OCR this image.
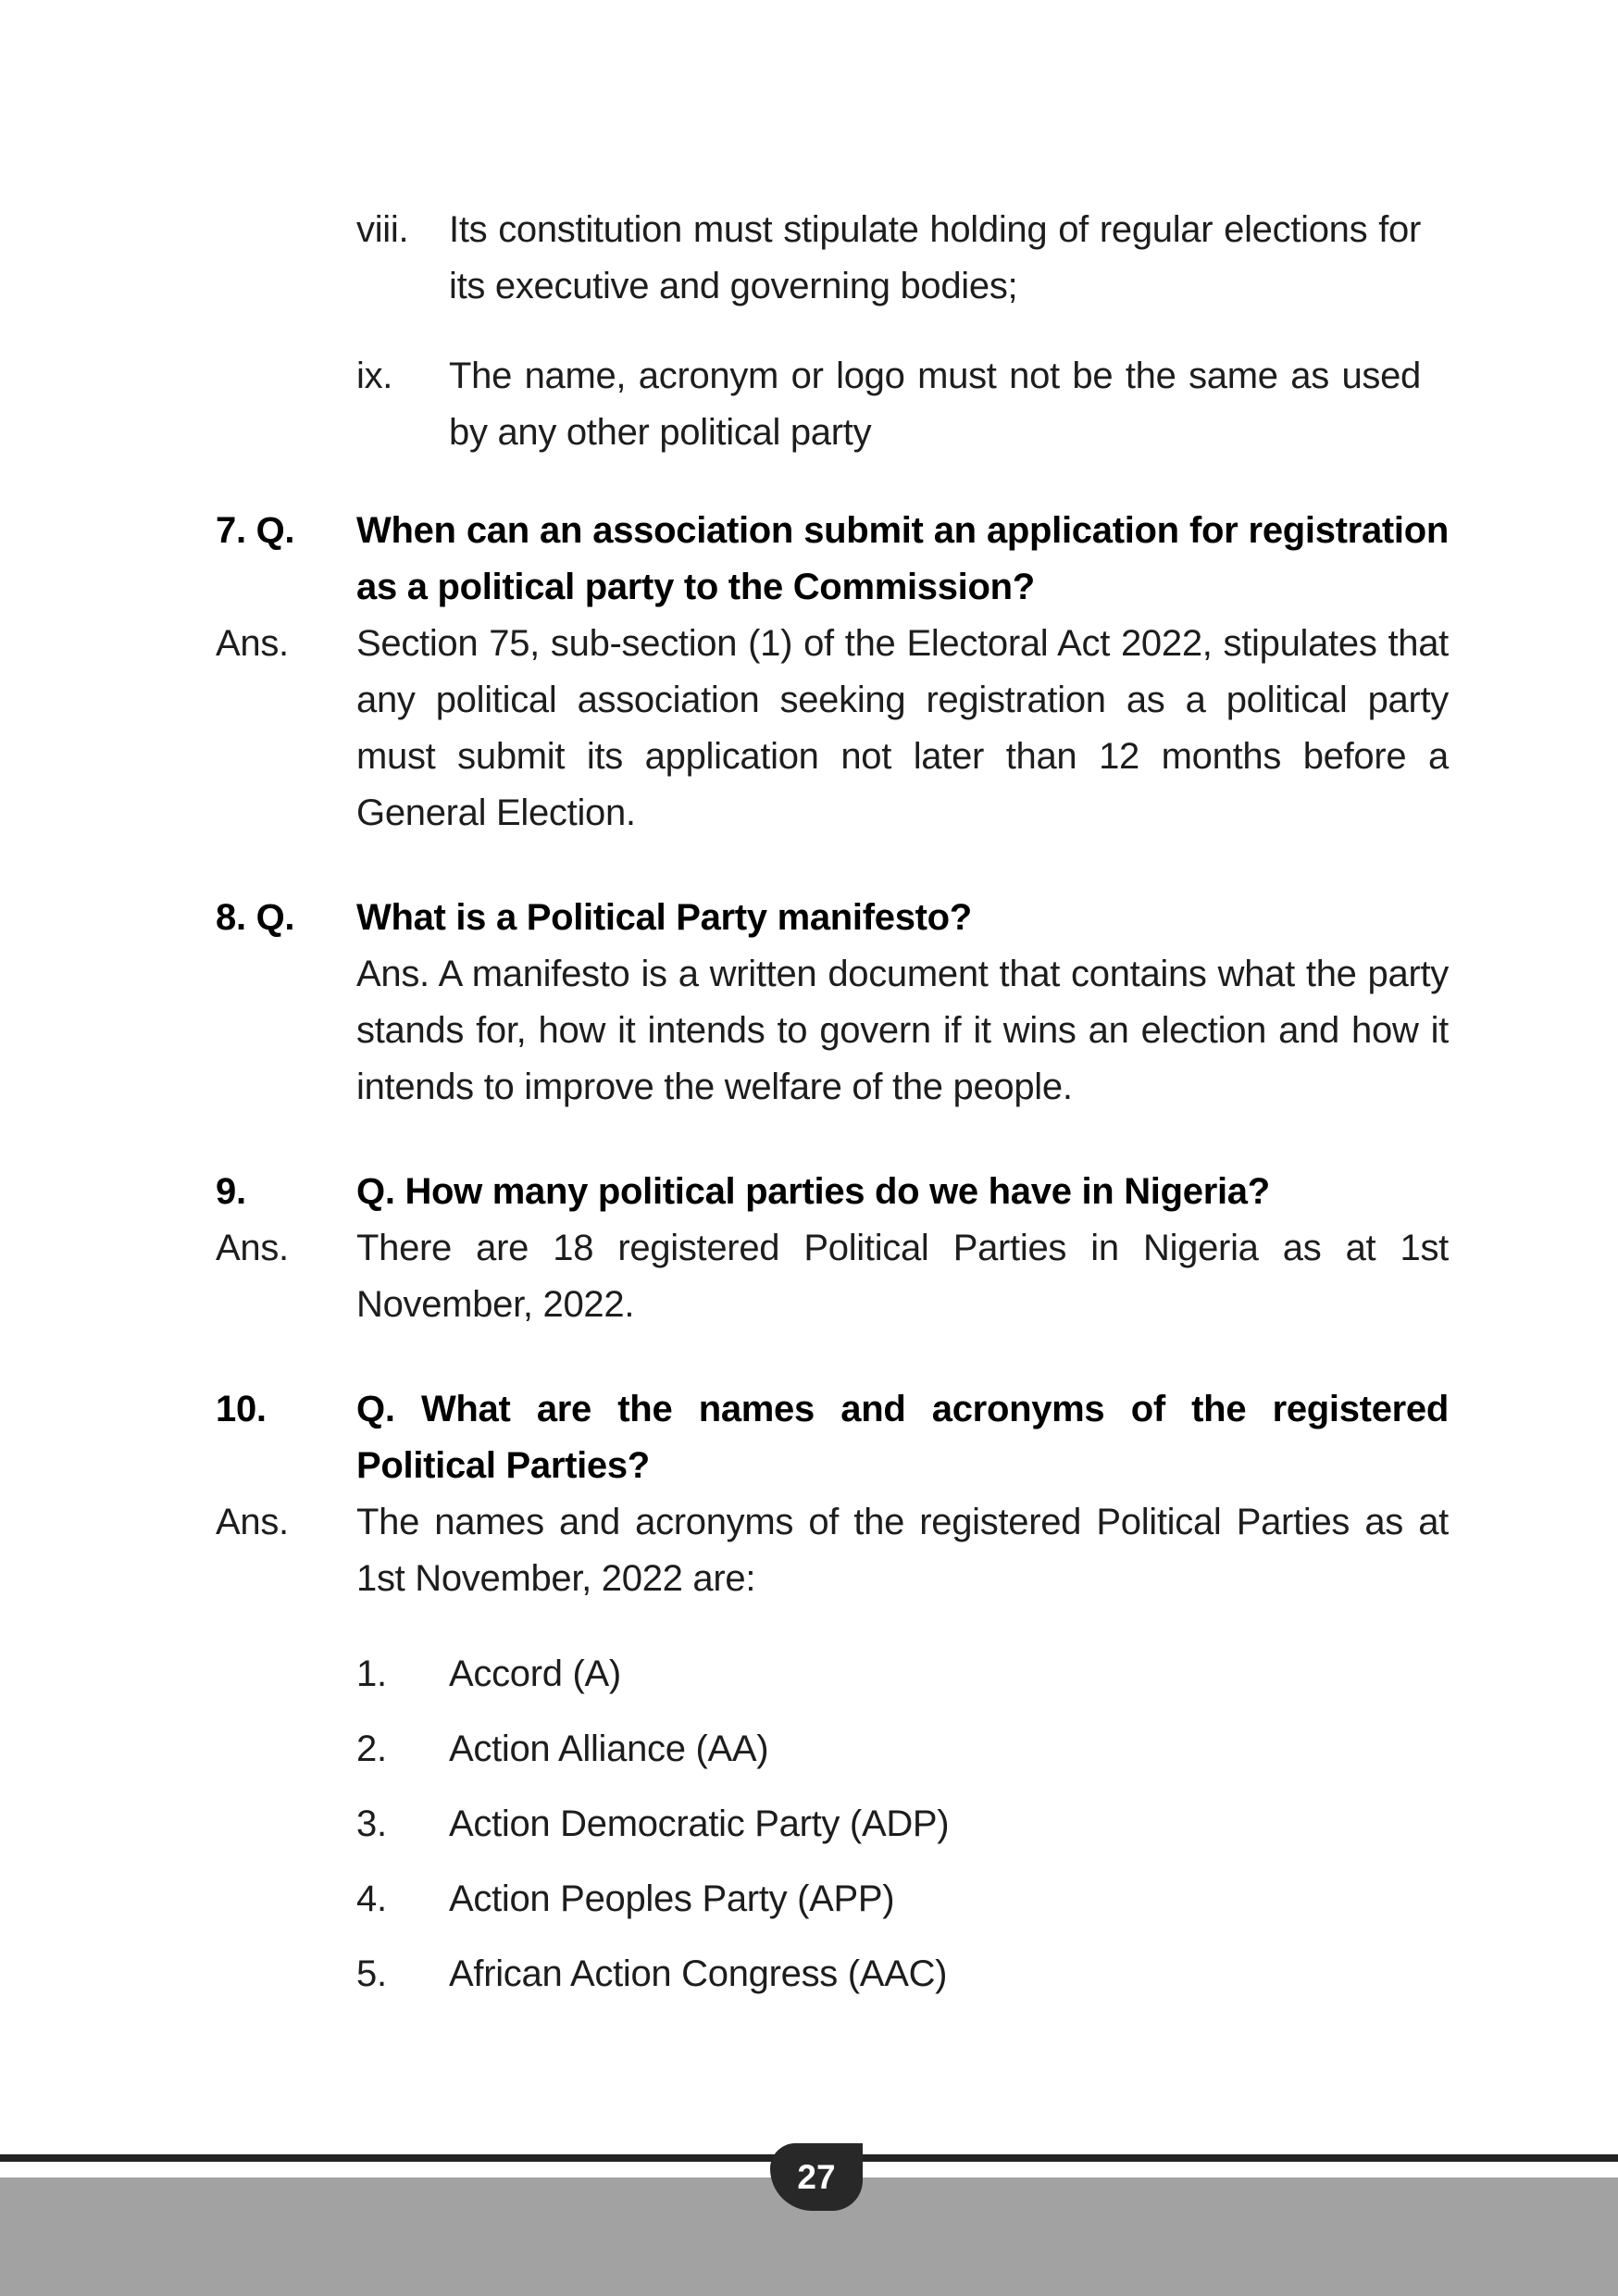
viii.	Its constitution must stipulate holding of regular elections for its executive and governing bodies;
ix.	The name, acronym or logo must not be the same as used by any other political party
7. Q.	When can an association submit an application for registration as a political party to the Commission?
Ans.	Section 75, sub-section (1) of the Electoral Act 2022, stipulates that any political association seeking registration as a political party must submit its application not later than 12 months before a General Election.
8. Q.	What is a Political Party manifesto?
Ans. A manifesto is a written document that contains what the party stands for, how it intends to govern if it wins an election and how it intends to improve the welfare of the people.
9.	Q. How many political parties do we have in Nigeria?
Ans.	There are 18 registered Political Parties in Nigeria as at 1st November, 2022.
10.	Q. What are the names and acronyms of the registered Political Parties?
Ans.	The names and acronyms of the registered Political Parties as at 1st November, 2022 are:
1.	Accord (A)
2.	Action Alliance (AA)
3.	Action Democratic Party (ADP)
4.	Action Peoples Party (APP)
5.	African Action Congress (AAC)
27
